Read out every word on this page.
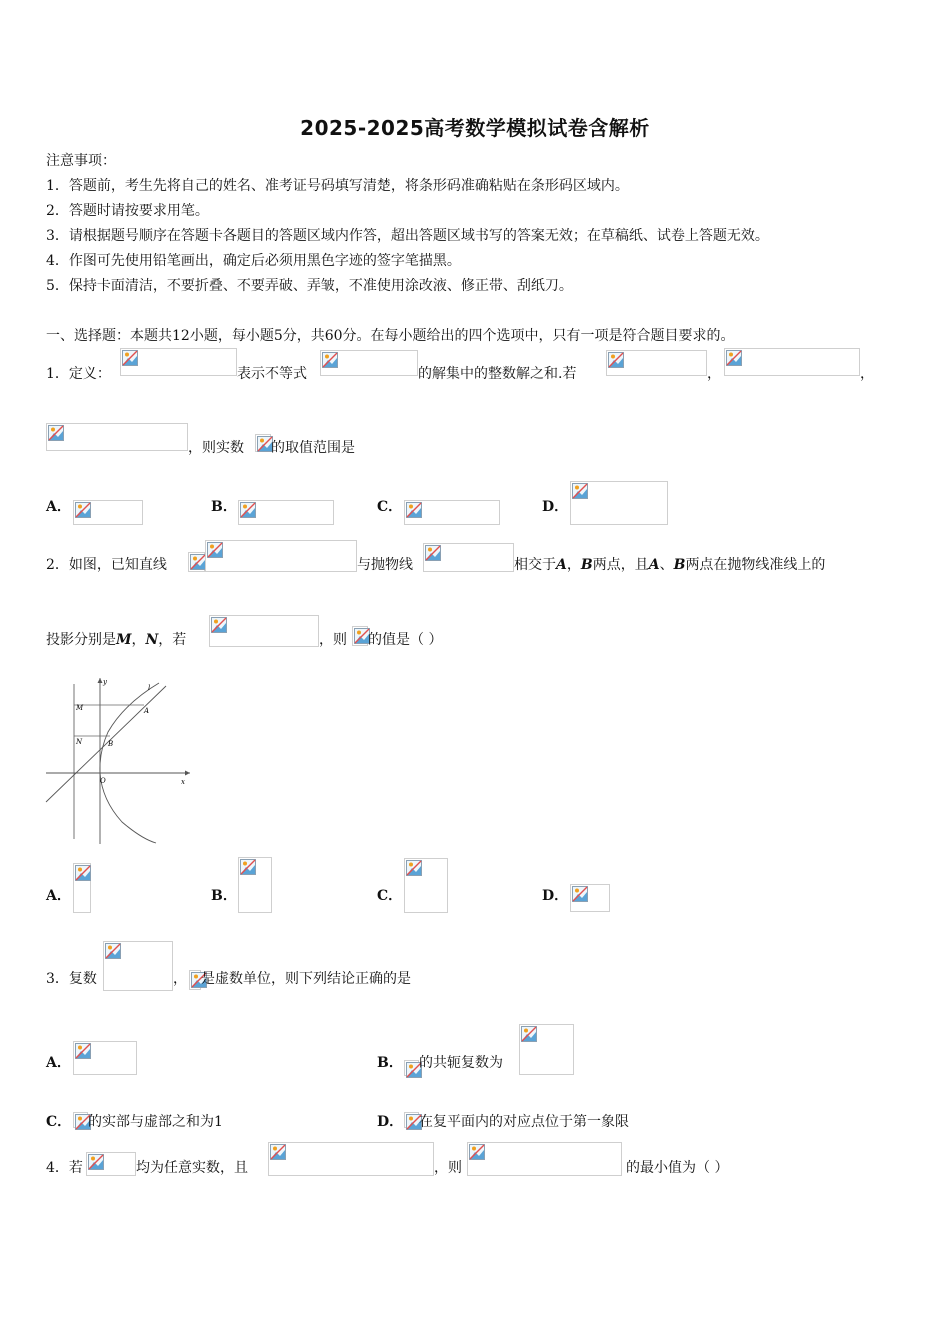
2025-2025高考数学模拟试卷含解析
注意事项：
1．答题前，考生先将自己的姓名、准考证号码填写清楚，将条形码准确粘贴在条形码区域内。
2．答题时请按要求用笔。
3．请根据题号顺序在答题卡各题目的答题区域内作答，超出答题区域书写的答案无效；在草稿纸、试卷上答题无效。
4．作图可先使用铅笔画出，确定后必须用黑色字迹的签字笔描黑。
5．保持卡面清洁，不要折叠、不要弄破、弄皱，不准使用涂改液、修正带、刮纸刀。
一、选择题：本题共12小题，每小题5分，共60分。在每小题给出的四个选项中，只有一项是符合题目要求的。
1．定义：	表示不等式	的解集中的整数解之和.若	，	，
，则实数 的取值范围是
A．	B．	C．	D．
2．如图，已知直线	与抛物线	相交于A，B两点，且A、B两点在抛物线准线上的
投影分别是M，N，若	，则 的值是（ ）
y
l
M	A
N	B
O	x
A．	B．	C．	D．
3．复数	， 是虚数单位，则下列结论正确的是
A．	B． 的共轭复数为
C． 的实部与虚部之和为1	D． 在复平面内的对应点位于第一象限
4．若	均为任意实数，且	，则	的最小值为（ ）
